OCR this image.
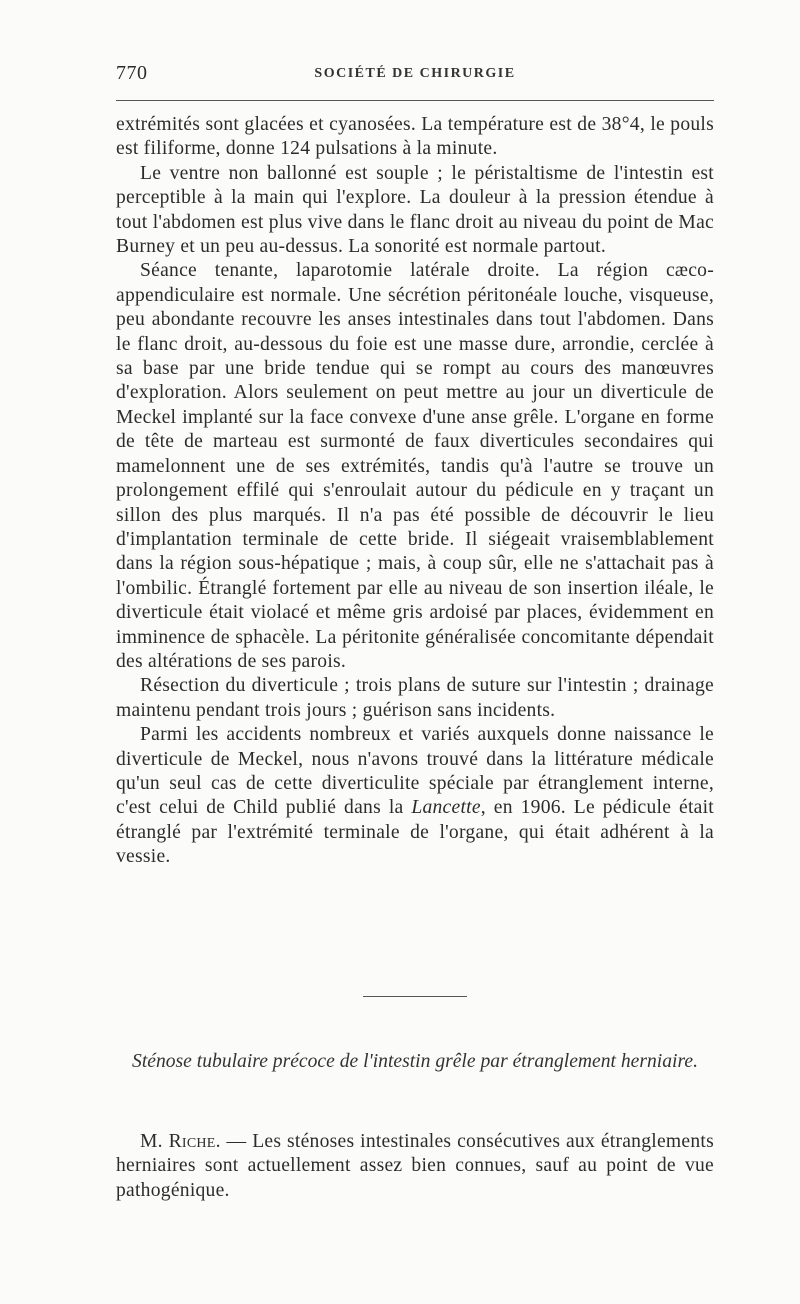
770	SOCIÉTÉ DE CHIRURGIE

extrémités sont glacées et cyanosées. La température est de 38°4, le pouls est filiforme, donne 124 pulsations à la minute.

Le ventre non ballonné est souple ; le péristaltisme de l'intestin est perceptible à la main qui l'explore. La douleur à la pression étendue à tout l'abdomen est plus vive dans le flanc droit au niveau du point de Mac Burney et un peu au-dessus. La sonorité est normale partout.

Séance tenante, laparotomie latérale droite. La région cæco-appendiculaire est normale. Une sécrétion péritonéale louche, visqueuse, peu abondante recouvre les anses intestinales dans tout l'abdomen. Dans le flanc droit, au-dessous du foie est une masse dure, arrondie, cerclée à sa base par une bride tendue qui se rompt au cours des manœuvres d'exploration. Alors seulement on peut mettre au jour un diverticule de Meckel implanté sur la face convexe d'une anse grêle. L'organe en forme de tête de marteau est surmonté de faux diverticules secondaires qui mamelonnent une de ses extrémités, tandis qu'à l'autre se trouve un prolongement effilé qui s'enroulait autour du pédicule en y traçant un sillon des plus marqués. Il n'a pas été possible de découvrir le lieu d'implantation terminale de cette bride. Il siégeait vraisemblablement dans la région sous-hépatique ; mais, à coup sûr, elle ne s'attachait pas à l'ombilic. Étranglé fortement par elle au niveau de son insertion iléale, le diverticule était violacé et même gris ardoisé par places, évidemment en imminence de sphacèle. La péritonite généralisée concomitante dépendait des altérations de ses parois.

Résection du diverticule ; trois plans de suture sur l'intestin ; drainage maintenu pendant trois jours ; guérison sans incidents.

Parmi les accidents nombreux et variés auxquels donne naissance le diverticule de Meckel, nous n'avons trouvé dans la littérature médicale qu'un seul cas de cette diverticulite spéciale par étranglement interne, c'est celui de Child publié dans la Lancette, en 1906. Le pédicule était étranglé par l'extrémité terminale de l'organe, qui était adhérent à la vessie.

Sténose tubulaire précoce de l'intestin grêle par étranglement herniaire.

M. Riche. — Les sténoses intestinales consécutives aux étranglements herniaires sont actuellement assez bien connues, sauf au point de vue pathogénique.
